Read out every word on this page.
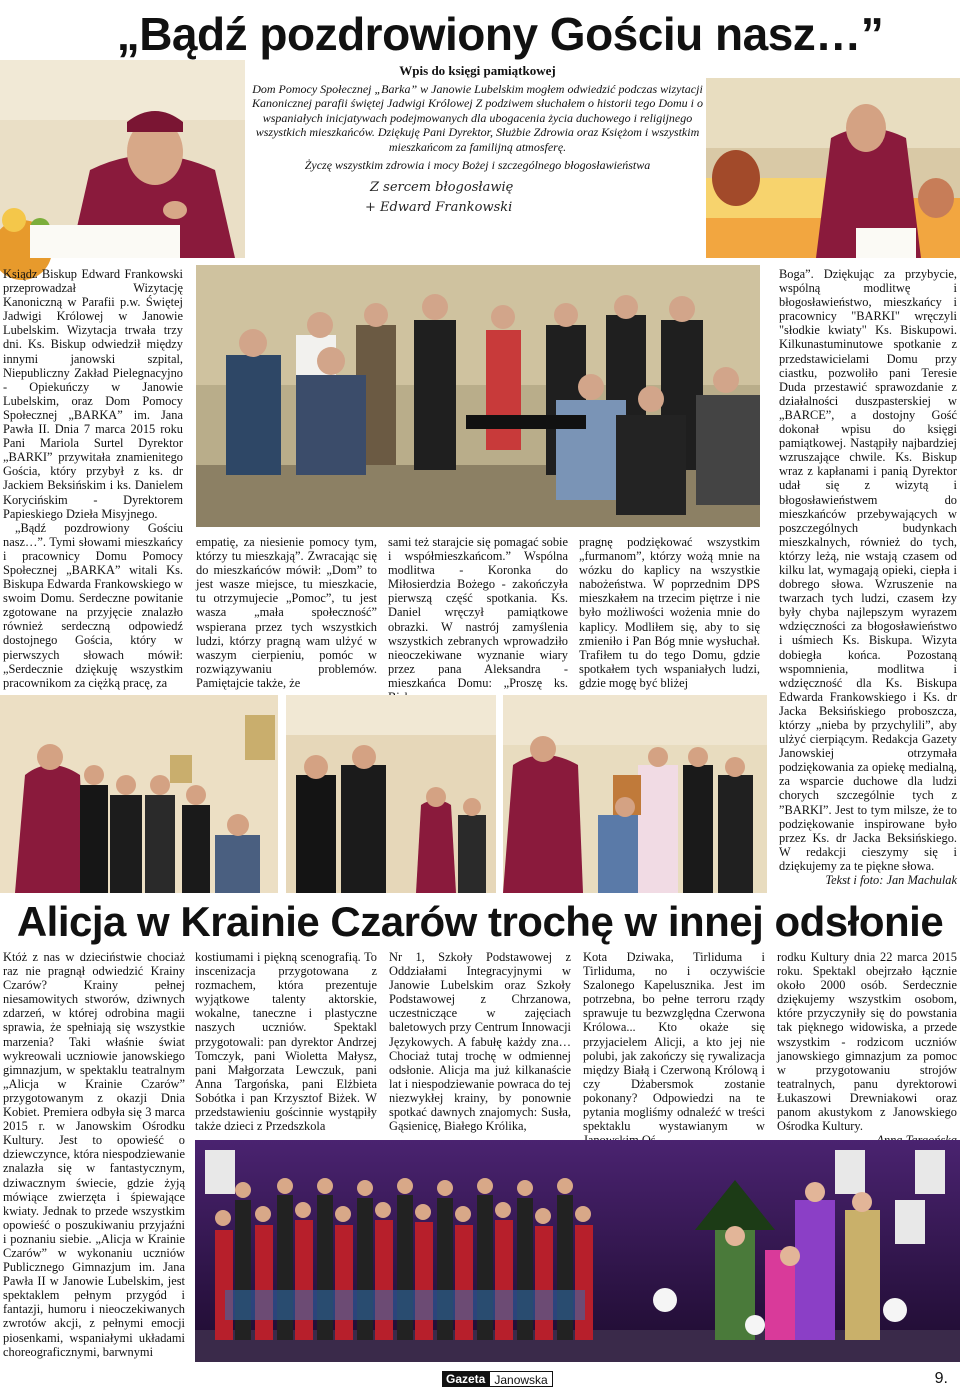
„Bądź pozdrowiony Gościu nasz…”
Wpis do księgi pamiątkowej

Dom Pomocy Społecznej „Barka” w Janowie Lubelskim mogłem odwiedzić podczas wizytacji Kanonicznej parafii świętej Jadwigi Królowej Z podziwem słuchałem o historii tego Domu i o wspaniałych inicjatywach podejmowanych dla ubogacenia życia duchowego i religijnego wszystkich mieszkańców. Dziękuję Pani Dyrektor, Służbie Zdrowia oraz Księżom i wszystkim mieszkańcom za familijną atmosferę.

Życzę wszystkim zdrowia i mocy Bożej i szczególnego błogosławieństwa

Z sercem błogosławię
+ Edward Frankowski

Ksiądz Biskup Edward Frankowski przeprowadzał Wizytację Kanoniczną w Parafii p.w. Świętej Jadwigi Królowej w Janowie Lubelskim. Wizytacja trwała trzy dni. Ks. Biskup odwiedził między innymi janowski szpital, Niepubliczny Zakład Pielegnacyjno - Opiekuńczy w Janowie Lubelskim, oraz Dom Pomocy Społecznej „BARKA” im. Jana Pawła II. Dnia 7 marca 2015 roku Pani Mariola Surtel Dyrektor „BARKI” przywitała znamienitego Gościa, który przybył z ks. dr Jackiem Beksińskim i ks. Danielem Korycińskim - Dyrektorem Papieskiego Dzieła Misyjnego.

„Bądź pozdrowiony Gościu nasz…”. Tymi słowami mieszkańcy i pracownicy Domu Pomocy Społecznej „BARKA” witali Ks. Biskupa Edwarda Frankowskiego w swoim Domu. Serdeczne powitanie zgotowane na przyjęcie znalazło również serdeczną odpowiedź dostojnego Gościa, który w pierwszych słowach mówił: „Serdecznie dziękuję wszystkim pracownikom za ciężką pracę, za

empatię, za niesienie pomocy tym, którzy tu mieszkają”. Zwracając się do mieszkańców mówił: „Dom” to jest wasze miejsce, tu mieszkacie, tu otrzymujecie „Pomoc”, tu jest wasza „mała społeczność” wspierana przez tych wszystkich ludzi, którzy pragną wam ulżyć w waszym cierpieniu, pomóc w rozwiązywaniu problemów. Pamiętajcie także, że

sami też starajcie się pomagać sobie i współmieszkańcom.” Wspólna modlitwa - Koronka do Miłosierdzia Bożego - zakończyła pierwszą część spotkania. Ks. Daniel wręczył pamiątkowe obrazki. W nastrój zamyślenia wszystkich zebranych wprowadziło nieoczekiwane wyznanie wiary przez pana Aleksandra - mieszkańca Domu: „Proszę ks.

pragnę podziękować wszystkim „furmanom”, którzy wożą mnie na wózku do kaplicy na wszystkie nabożeństwa. W poprzednim DPS mieszkałem na trzecim piętrze i nie było możliwości wożenia mnie do kaplicy. Modliłem się, aby to się zmieniło i Pan Bóg mnie wysłuchał. Trafiłem tu do tego Domu, gdzie spotkałem tych wspaniałych ludzi, gdzie mogę być bliżej

Boga”. Dziękując za przybycie, wspólną modlitwę i błogosławieństwo, mieszkańcy i pracownicy "BARKI" wręczyli "słodkie kwiaty" Ks. Biskupowi. Kilkunastuminutowe spotkanie z przedstawicielami Domu przy ciastku, pozwoliło pani Teresie Duda przestawić sprawozdanie z działalności duszpasterskiej w „BARCE”, a dostojny Gość dokonał wpisu do księgi pamiątkowej. Nastąpiły najbardziej wzruszające chwile. Ks. Biskup wraz z kapłanami i panią Dyrektor udał się z wizytą i błogosławieństwem do mieszkańców przebywających w poszczególnych budynkach mieszkalnych, również do tych, którzy leżą, nie wstają czasem od kilku lat, wymagają opieki, ciepła i dobrego słowa. Wzruszenie na twarzach tych ludzi, czasem łzy były chyba najlepszym wyrazem wdzięczności za błogosławieństwo i uśmiech Ks. Biskupa. Wizyta dobiegła końca. Pozostaną wspomnienia, modlitwa i wdzięczność dla Ks. Biskupa Edwarda Frankowskiego i Ks. dr Jacka Beksińskiego proboszcza, którzy „nieba by przychylili”, aby ulżyć cierpiącym. Redakcja Gazety Janowskiej otrzymała podziękowania za opiekę medialną, za wsparcie duchowe dla ludzi chorych szczególnie tych z ”BARKI”. Jest to tym milsze, że to podziękowanie inspirowane było przez Ks. dr Jacka Beksińskiego. W redakcji cieszymy się i dziękujemy za te piękne słowa.

Tekst i foto: Jan Machulak

Alicja w Krainie Czarów trochę w innej odsłonie

Któż z nas w dzieciństwie chociaż raz nie pragnął odwiedzić Krainy Czarów? Krainy pełnej niesamowitych stworów, dziwnych zdarzeń, w której odrobina magii sprawia, że spełniają się wszystkie marzenia? Taki właśnie świat wykreowali uczniowie janowskiego gimnazjum, w spektaklu teatralnym „Alicja w Krainie Czarów” przygotowanym z okazji Dnia Kobiet. Premiera odbyła się 3 marca 2015 r. w Janowskim Ośrodku Kultury. Jest to opowieść o dziewczynce, która niespodziewanie znalazła się w fantastycznym, dziwacznym świecie, gdzie żyją mówiące zwierzęta i śpiewające kwiaty. Jednak to przede wszystkim opowieść o poszukiwaniu przyjaźni i poznaniu siebie. „Alicja w Krainie Czarów” w wykonaniu uczniów Publicznego Gimnazjum im. Jana Pawła II w Janowie Lubelskim, jest spektaklem pełnym przygód i fantazji, humoru i nieoczekiwanych zwrotów akcji, z pełnymi emocji piosenkami, wspaniałymi układami choreograficznymi, barwnymi

kostiumami i piękną scenografią. To inscenizacja przygotowana z rozmachem, która prezentuje wyjątkowe talenty aktorskie, wokalne, taneczne i plastyczne naszych uczniów. Spektakl przygotowali: pan dyrektor Andrzej Tomczyk, pani Wioletta Małysz, pani Małgorzata Lewczuk, pani Anna Targońska, pani Elżbieta Sobótka i pan Krzysztof Biżek. W przedstawieniu gościnnie wystąpiły także dzieci z Przedszkola

Nr 1, Szkoły Podstawowej z Oddziałami Integracyjnymi w Janowie Lubelskim oraz Szkoły Podstawowej z Chrzanowa, uczestniczące w zajęciach baletowych przy Centrum Innowacji Językowych. A fabułę każdy zna… Chociaż tutaj trochę w odmiennej odsłonie. Alicja ma już kilkanaście lat i niespodziewanie powraca do tej niezwykłej krainy, by ponownie spotkać dawnych znajomych: Susła, Gąsienicę, Białego Królika,

Kota Dziwaka, Tirliduma i Tirliduma, no i oczywiście Szalonego Kapelusznika. Jest im potrzebna, bo pełne terroru rządy sprawuje tu bezwzględna Czerwona Królowa... Kto okaże się przyjacielem Alicji, a kto jej nie polubi, jak zakończy się rywalizacja między Białą i Czerwoną Królową i czy Dżabersmok zostanie pokonany? Odpowiedzi na te pytania mogliśmy odnaleźć w treści spektaklu wystawianym w

rodku Kultury dnia 22 marca 2015 roku. Spektakl obejrzało łącznie około 2000 osób. Serdecznie dziękujemy wszystkim osobom, które przyczyniły się do powstania tak pięknego widowiska, a przede wszystkim - rodzicom uczniów janowskiego gimnazjum za pomoc w przygotowaniu strojów teatralnych, panu dyrektorowi Łukaszowi Drewniakowi oraz panom akustykom z Janowskiego Ośrodka Kultury.

Gazeta Janowska	9.
